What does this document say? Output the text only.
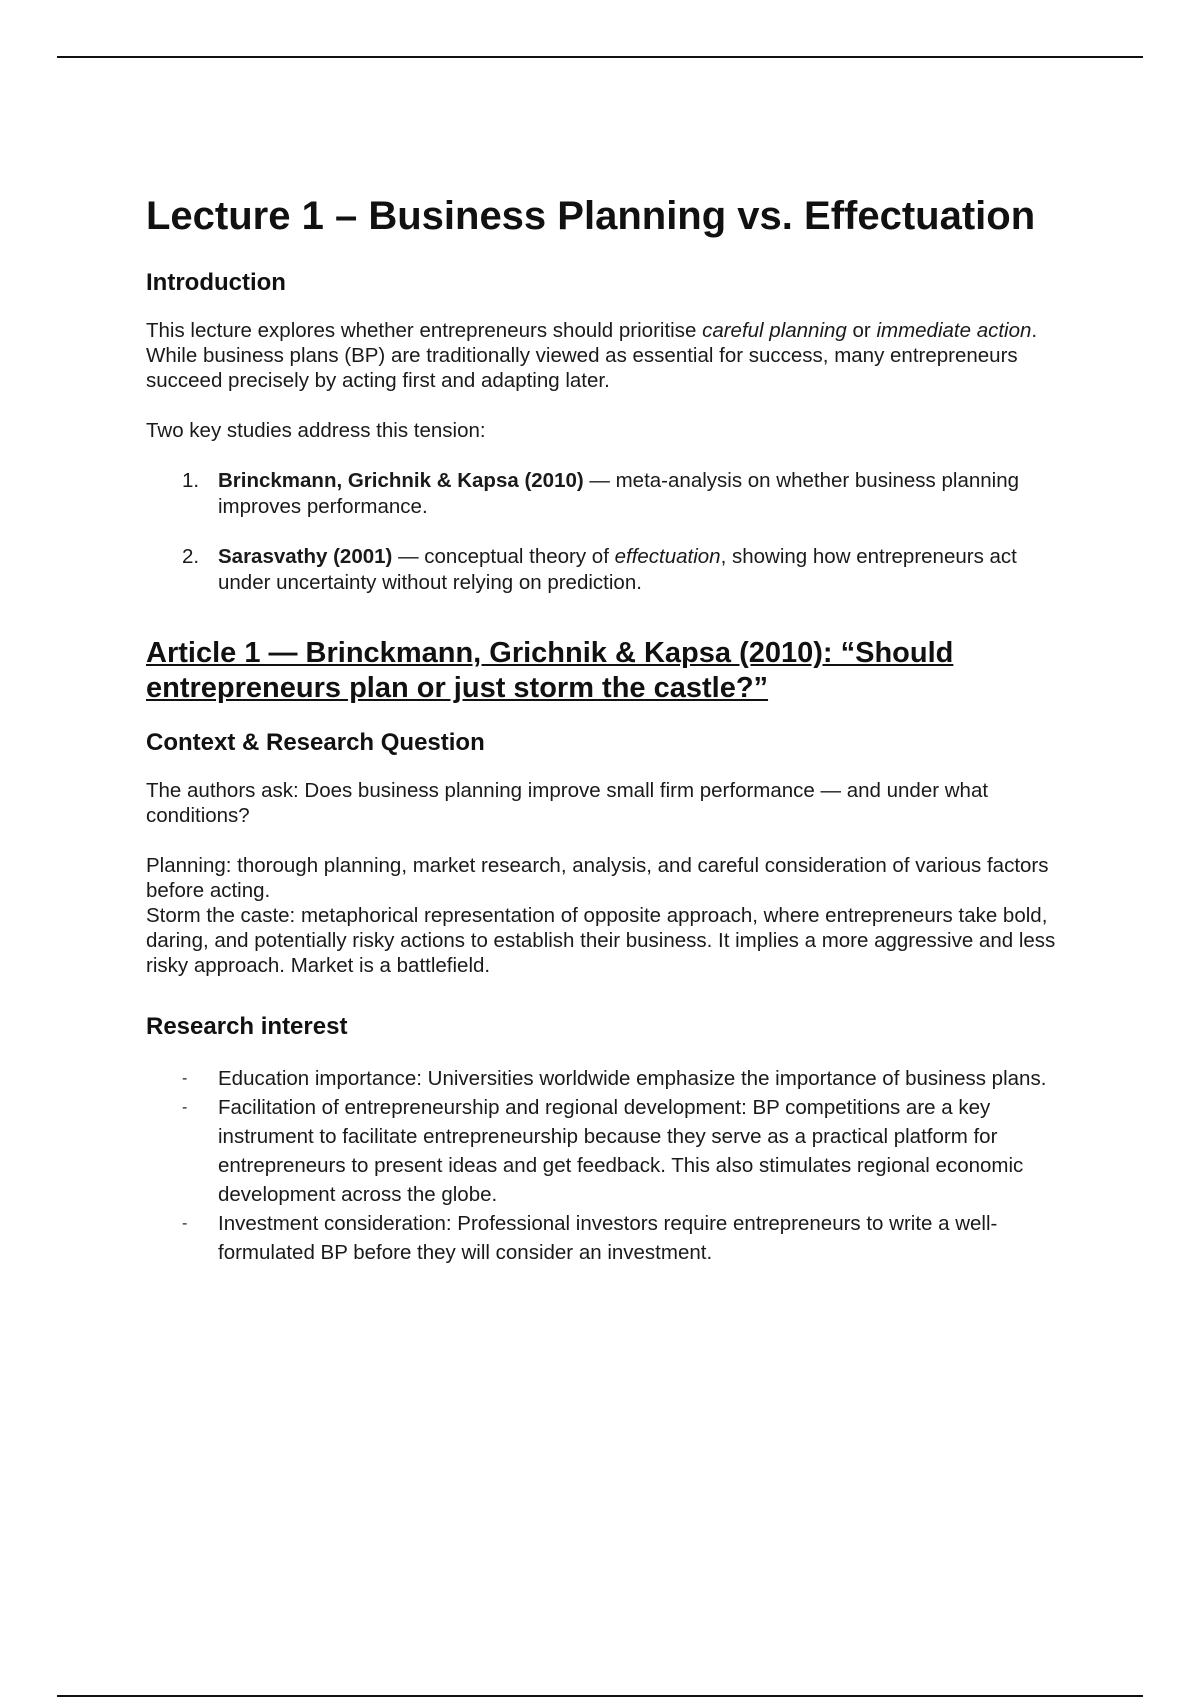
Lecture 1 – Business Planning vs. Effectuation
Introduction

This lecture explores whether entrepreneurs should prioritise careful planning or immediate action. While business plans (BP) are traditionally viewed as essential for success, many entrepreneurs succeed precisely by acting first and adapting later.

Two key studies address this tension:

1. Brinckmann, Grichnik & Kapsa (2010) — meta-analysis on whether business planning improves performance.
2. Sarasvathy (2001) — conceptual theory of effectuation, showing how entrepreneurs act under uncertainty without relying on prediction.
Article 1 — Brinckmann, Grichnik & Kapsa (2010): “Should entrepreneurs plan or just storm the castle?”
Context & Research Question

The authors ask: Does business planning improve small firm performance — and under what conditions?

Planning: thorough planning, market research, analysis, and careful consideration of various factors before acting.

Storm the caste: metaphorical representation of opposite approach, where entrepreneurs take bold, daring, and potentially risky actions to establish their business. It implies a more aggressive and less risky approach. Market is a battlefield.

Research interest
- Education importance: Universities worldwide emphasize the importance of business plans.
- Facilitation of entrepreneurship and regional development: BP competitions are a key instrument to facilitate entrepreneurship because they serve as a practical platform for entrepreneurs to present ideas and get feedback. This also stimulates regional economic development across the globe.
- Investment consideration: Professional investors require entrepreneurs to write a well-formulated BP before they will consider an investment.
